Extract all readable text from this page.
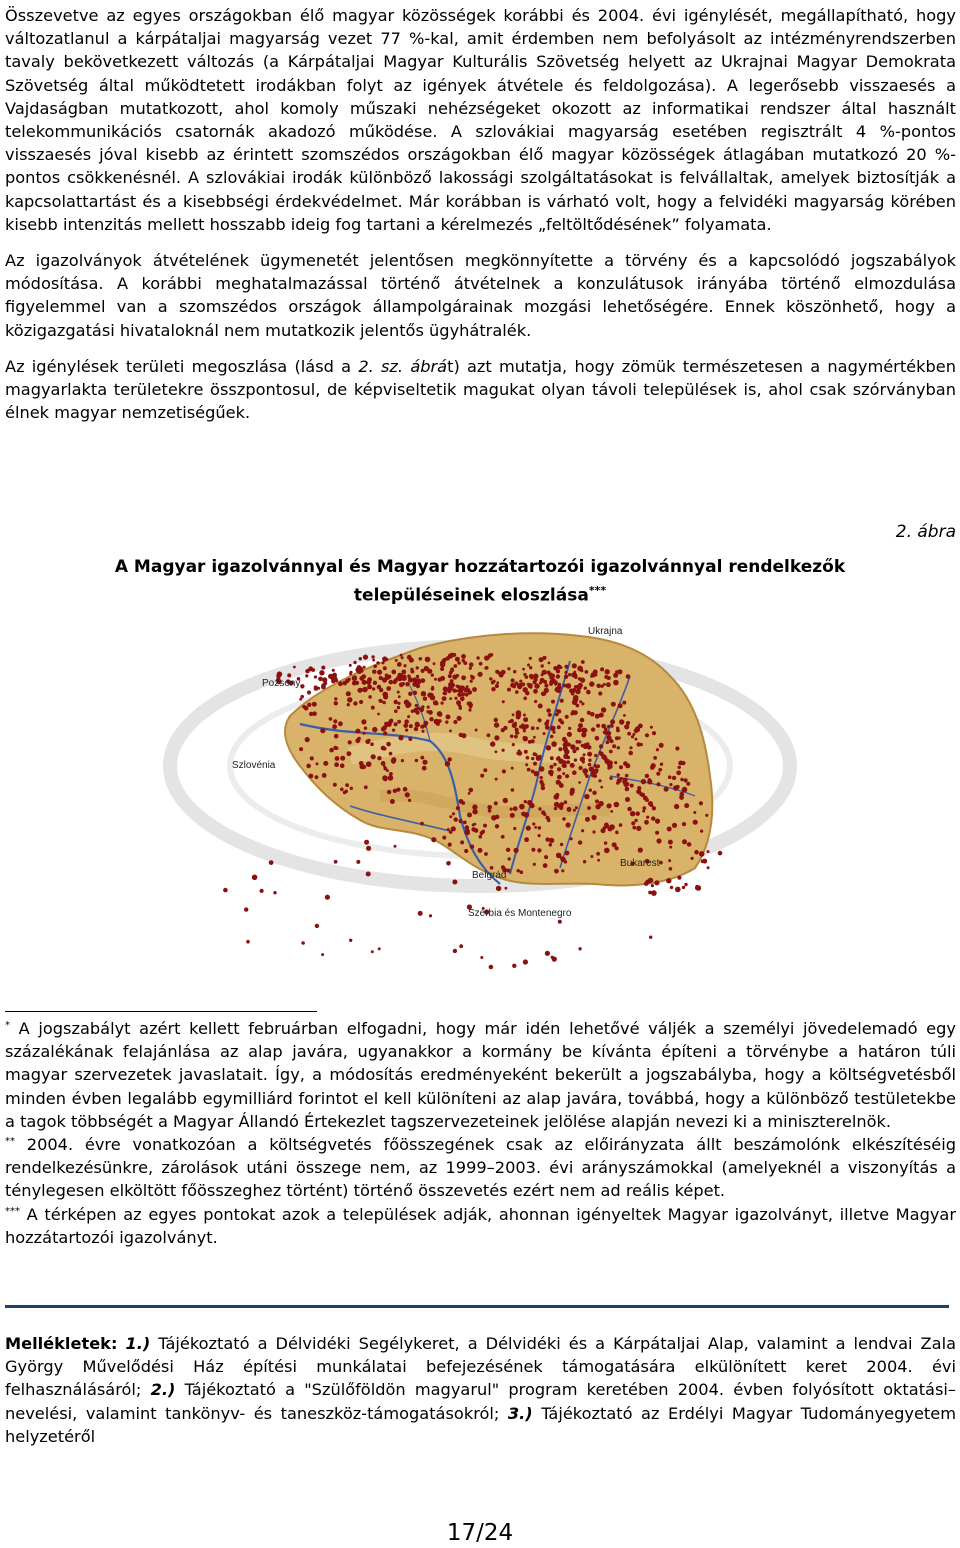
Összevetve az egyes országokban élő magyar közösségek korábbi és 2004. évi igénylését, megállapítható, hogy változatlanul a kárpátaljai magyarság vezet 77 %-kal, amit érdemben nem befolyásolt az intézményrendszerben tavaly bekövetkezett változás (a Kárpátaljai Magyar Kulturális Szövetség helyett az Ukrajnai Magyar Demokrata Szövetség által működtetett irodákban folyt az igények átvétele és feldolgozása). A legerősebb visszaesés a Vajdaságban mutatkozott, ahol komoly műszaki nehézségeket okozott az informatikai rendszer által használt telekommunikációs csatornák akadozó működése. A szlovákiai magyarság esetében regisztrált 4 %-pontos visszaesés jóval kisebb az érintett szomszédos országokban élő magyar közösségek átlagában mutatkozó 20 %-pontos csökkenésnél. A szlovákiai irodák különböző lakossági szolgáltatásokat is felvállaltak, amelyek biztosítják a kapcsolattartást és a kisebbségi érdekvédelmet. Már korábban is várható volt, hogy a felvidéki magyarság körében kisebb intenzitás mellett hosszabb ideig fog tartani a kérelmezés „feltöltődésének” folyamata.

Az igazolványok átvételének ügymenetét jelentősen megkönnyítette a törvény és a kapcsolódó jogszabályok módosítása. A korábbi meghatalmazással történő átvételnek a konzulátusok irányába történő elmozdulása figyelemmel van a szomszédos országok állampolgárainak mozgási lehetőségére. Ennek köszönhető, hogy a közigazgatási hivataloknál nem mutatkozik jelentős ügyhátralék.

Az igénylések területi megoszlása (lásd a 2. sz. ábrát) azt mutatja, hogy zömük természetesen a nagymértékben magyarlakta területekre összpontosul, de képviseltetik magukat olyan távoli települések is, ahol csak szórványban élnek magyar nemzetiségűek.

2. ábra
A Magyar igazolvánnyal és Magyar hozzátartozói igazolvánnyal rendelkezők
településeinek eloszlása***
Ukrajna
Pozsony
Szlovénia
Belgrád
Bukarest
Szerbia és Montenegro

* A jogszabályt azért kellett februárban elfogadni, hogy már idén lehetővé váljék a személyi jövedelemadó egy százalékának felajánlása az alap javára, ugyanakkor a kormány be kívánta építeni a törvénybe a határon túli magyar szervezetek javaslatait. Így, a módosítás eredményeként bekerült a jogszabályba, hogy a költségvetésből minden évben legalább egymilliárd forintot el kell különíteni az alap javára, továbbá, hogy a különböző testületekbe a tagok többségét a Magyar Állandó Értekezlet tagszervezeteinek jelölése alapján nevezi ki a miniszterelnök.

** 2004. évre vonatkozóan a költségvetés főösszegének csak az előirányzata állt beszámolónk elkészítéséig rendelkezésünkre, zárolások utáni összege nem, az 1999–2003. évi arányszámokkal (amelyeknél a viszonyítás a ténylegesen elköltött főösszeghez történt) történő összevetés ezért nem ad reális képet.

*** A térképen az egyes pontokat azok a települések adják, ahonnan igényeltek Magyar igazolványt, illetve Magyar hozzátartozói igazolványt.

Mellékletek: 1.) Tájékoztató a Délvidéki Segélykeret, a Délvidéki és a Kárpátaljai Alap, valamint a lendvai Zala György Művelődési Ház építési munkálatai befejezésének támogatására elkülönített keret 2004. évi felhasználásáról; 2.) Tájékoztató a "Szülőföldön magyarul" program keretében 2004. évben folyósított oktatási–nevelési, valamint tankönyv- és taneszköz-támogatásokról; 3.) Tájékoztató az Erdélyi Magyar Tudományegyetem helyzetéről

17/24
